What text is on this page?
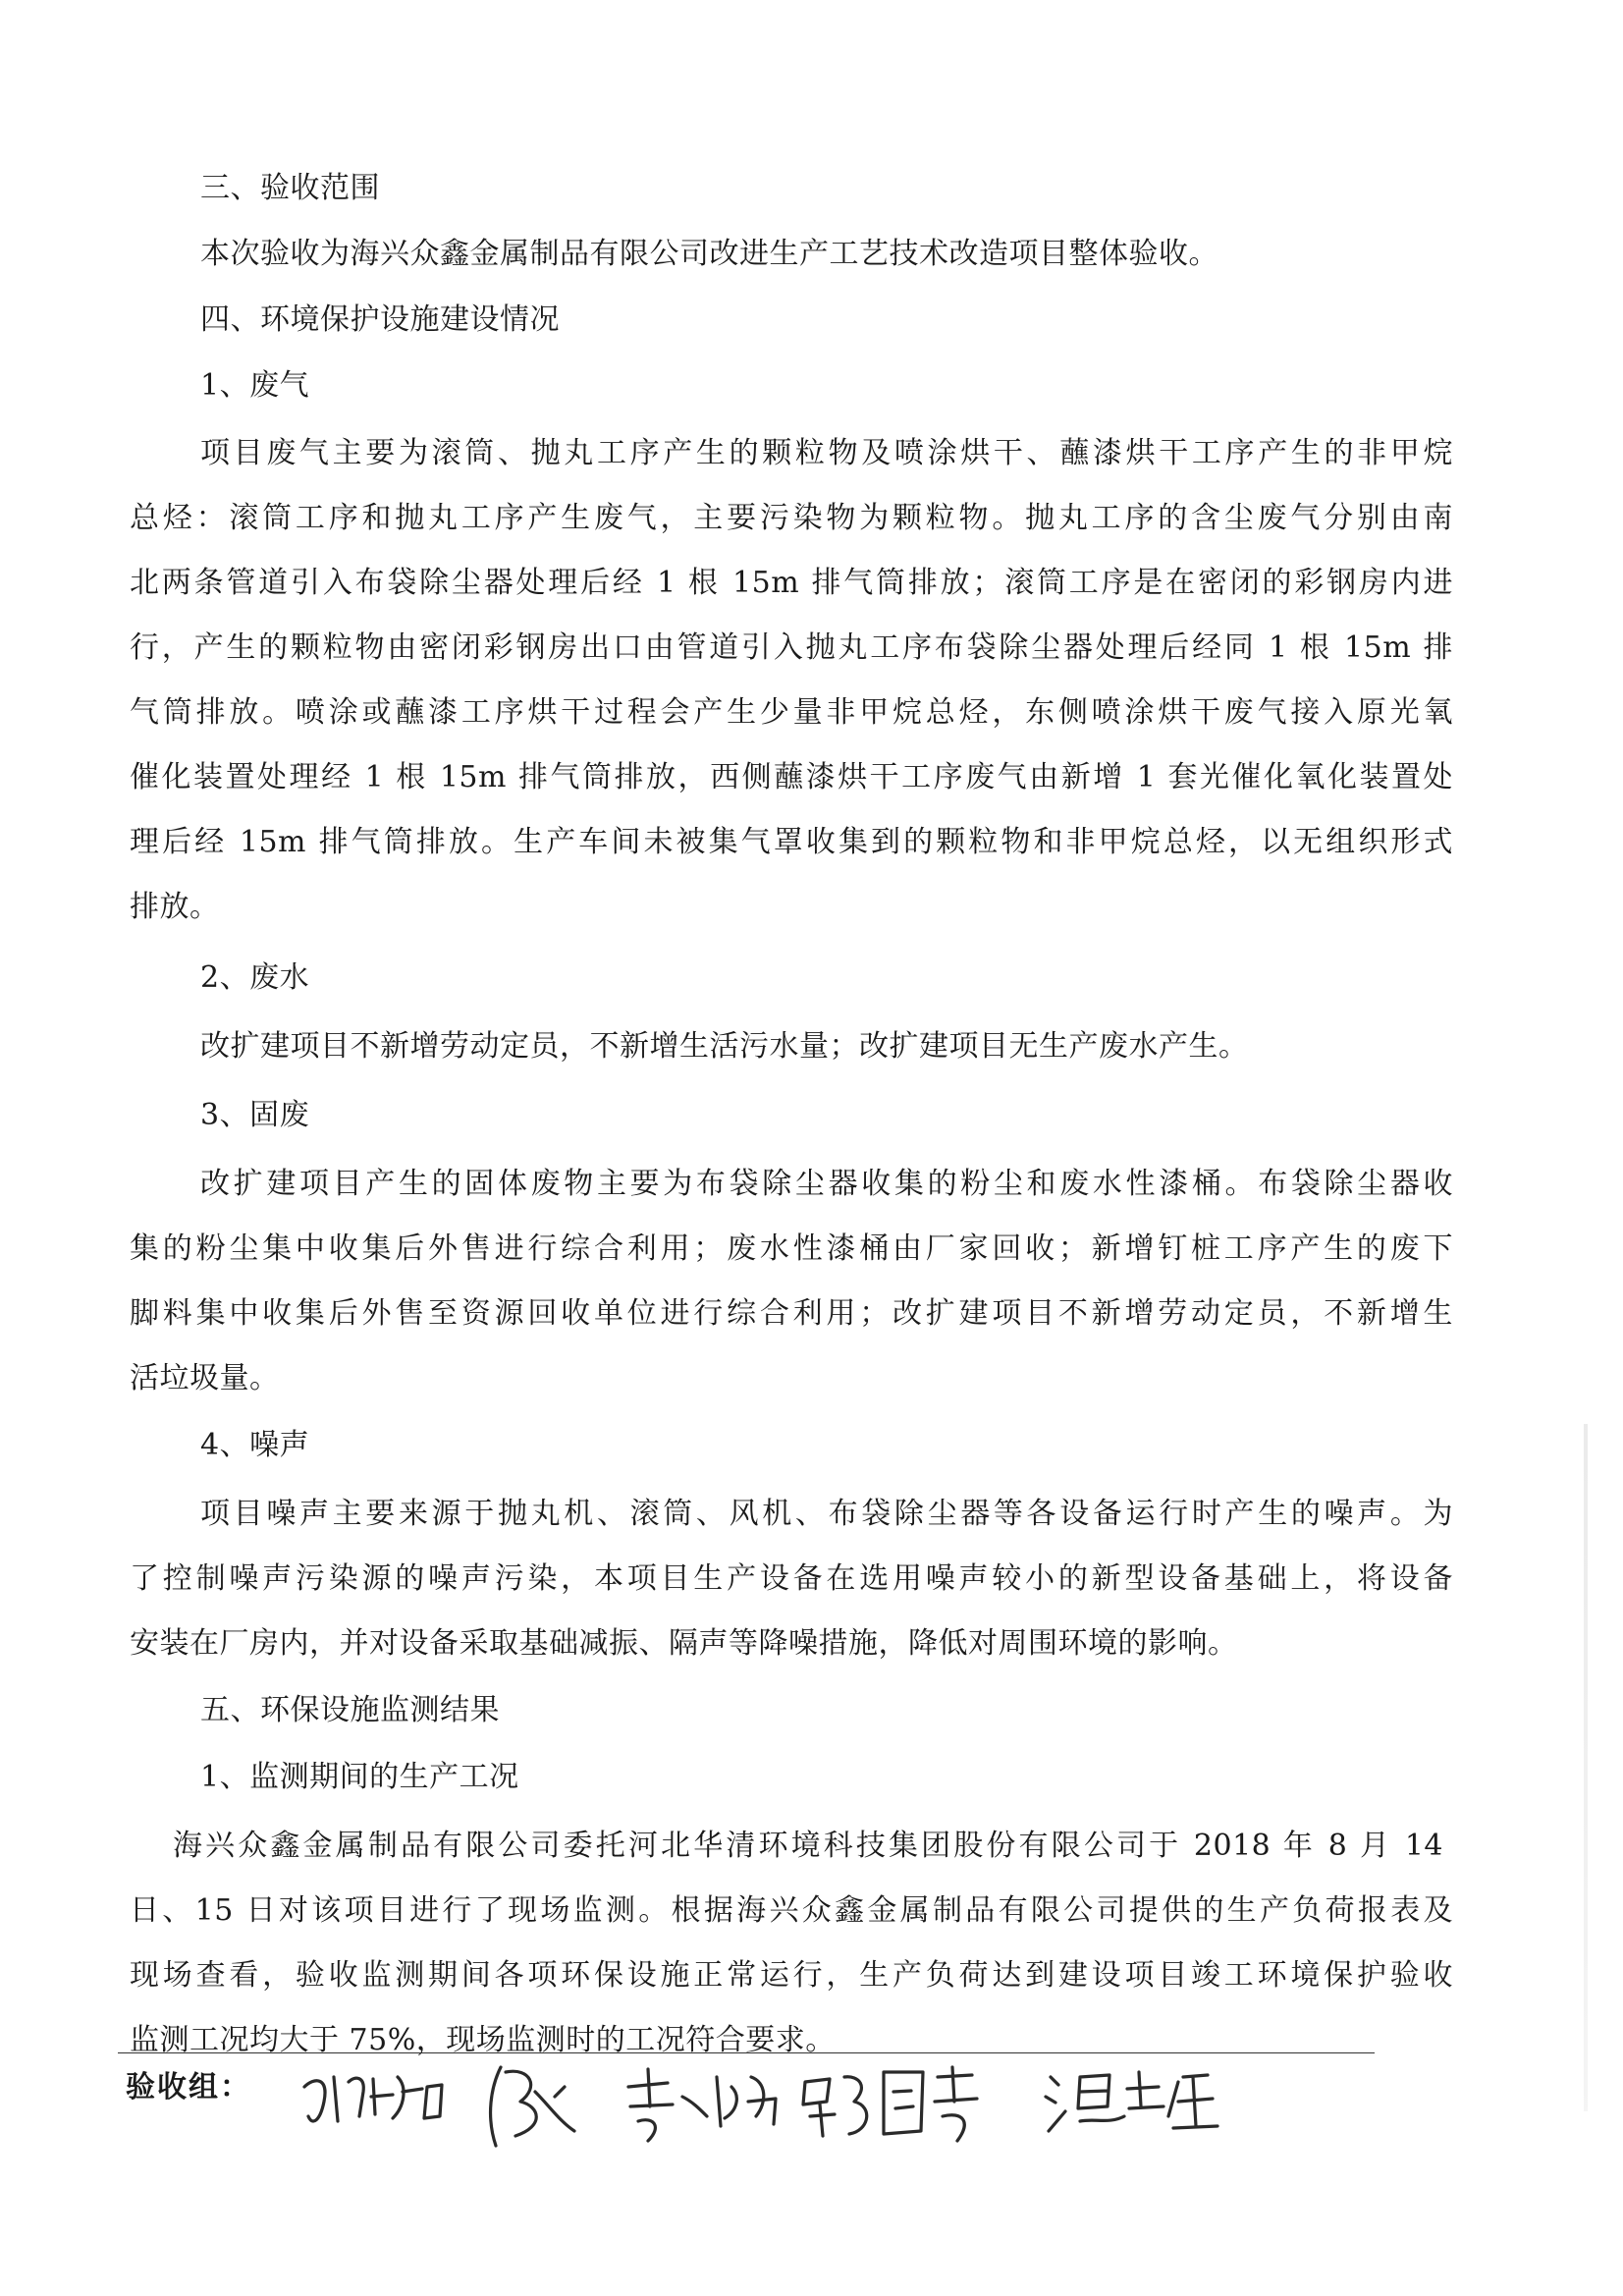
三、验收范围
本次验收为海兴众鑫金属制品有限公司改进生产工艺技术改造项目整体验收。
四、环境保护设施建设情况
1、废气
项目废气主要为滚筒、抛丸工序产生的颗粒物及喷涂烘干、蘸漆烘干工序产生的非甲烷
总烃：滚筒工序和抛丸工序产生废气，主要污染物为颗粒物。抛丸工序的含尘废气分别由南
北两条管道引入布袋除尘器处理后经 1 根 15m 排气筒排放；滚筒工序是在密闭的彩钢房内进
行，产生的颗粒物由密闭彩钢房出口由管道引入抛丸工序布袋除尘器处理后经同 1 根 15m 排
气筒排放。喷涂或蘸漆工序烘干过程会产生少量非甲烷总烃，东侧喷涂烘干废气接入原光氧
催化装置处理经 1 根 15m 排气筒排放，西侧蘸漆烘干工序废气由新增 1 套光催化氧化装置处
理后经 15m 排气筒排放。生产车间未被集气罩收集到的颗粒物和非甲烷总烃，以无组织形式
排放。
2、废水
改扩建项目不新增劳动定员，不新增生活污水量；改扩建项目无生产废水产生。
3、固废
改扩建项目产生的固体废物主要为布袋除尘器收集的粉尘和废水性漆桶。布袋除尘器收
集的粉尘集中收集后外售进行综合利用；废水性漆桶由厂家回收；新增钉桩工序产生的废下
脚料集中收集后外售至资源回收单位进行综合利用；改扩建项目不新增劳动定员，不新增生
活垃圾量。
4、噪声
项目噪声主要来源于抛丸机、滚筒、风机、布袋除尘器等各设备运行时产生的噪声。为
了控制噪声污染源的噪声污染，本项目生产设备在选用噪声较小的新型设备基础上，将设备
安装在厂房内，并对设备采取基础减振、隔声等降噪措施，降低对周围环境的影响。
五、环保设施监测结果
1、监测期间的生产工况
海兴众鑫金属制品有限公司委托河北华清环境科技集团股份有限公司于 2018 年 8 月 14
日、15 日对该项目进行了现场监测。根据海兴众鑫金属制品有限公司提供的生产负荷报表及
现场查看，验收监测期间各项环保设施正常运行，生产负荷达到建设项目竣工环境保护验收
监测工况均大于 75%，现场监测时的工况符合要求。
验收组：
